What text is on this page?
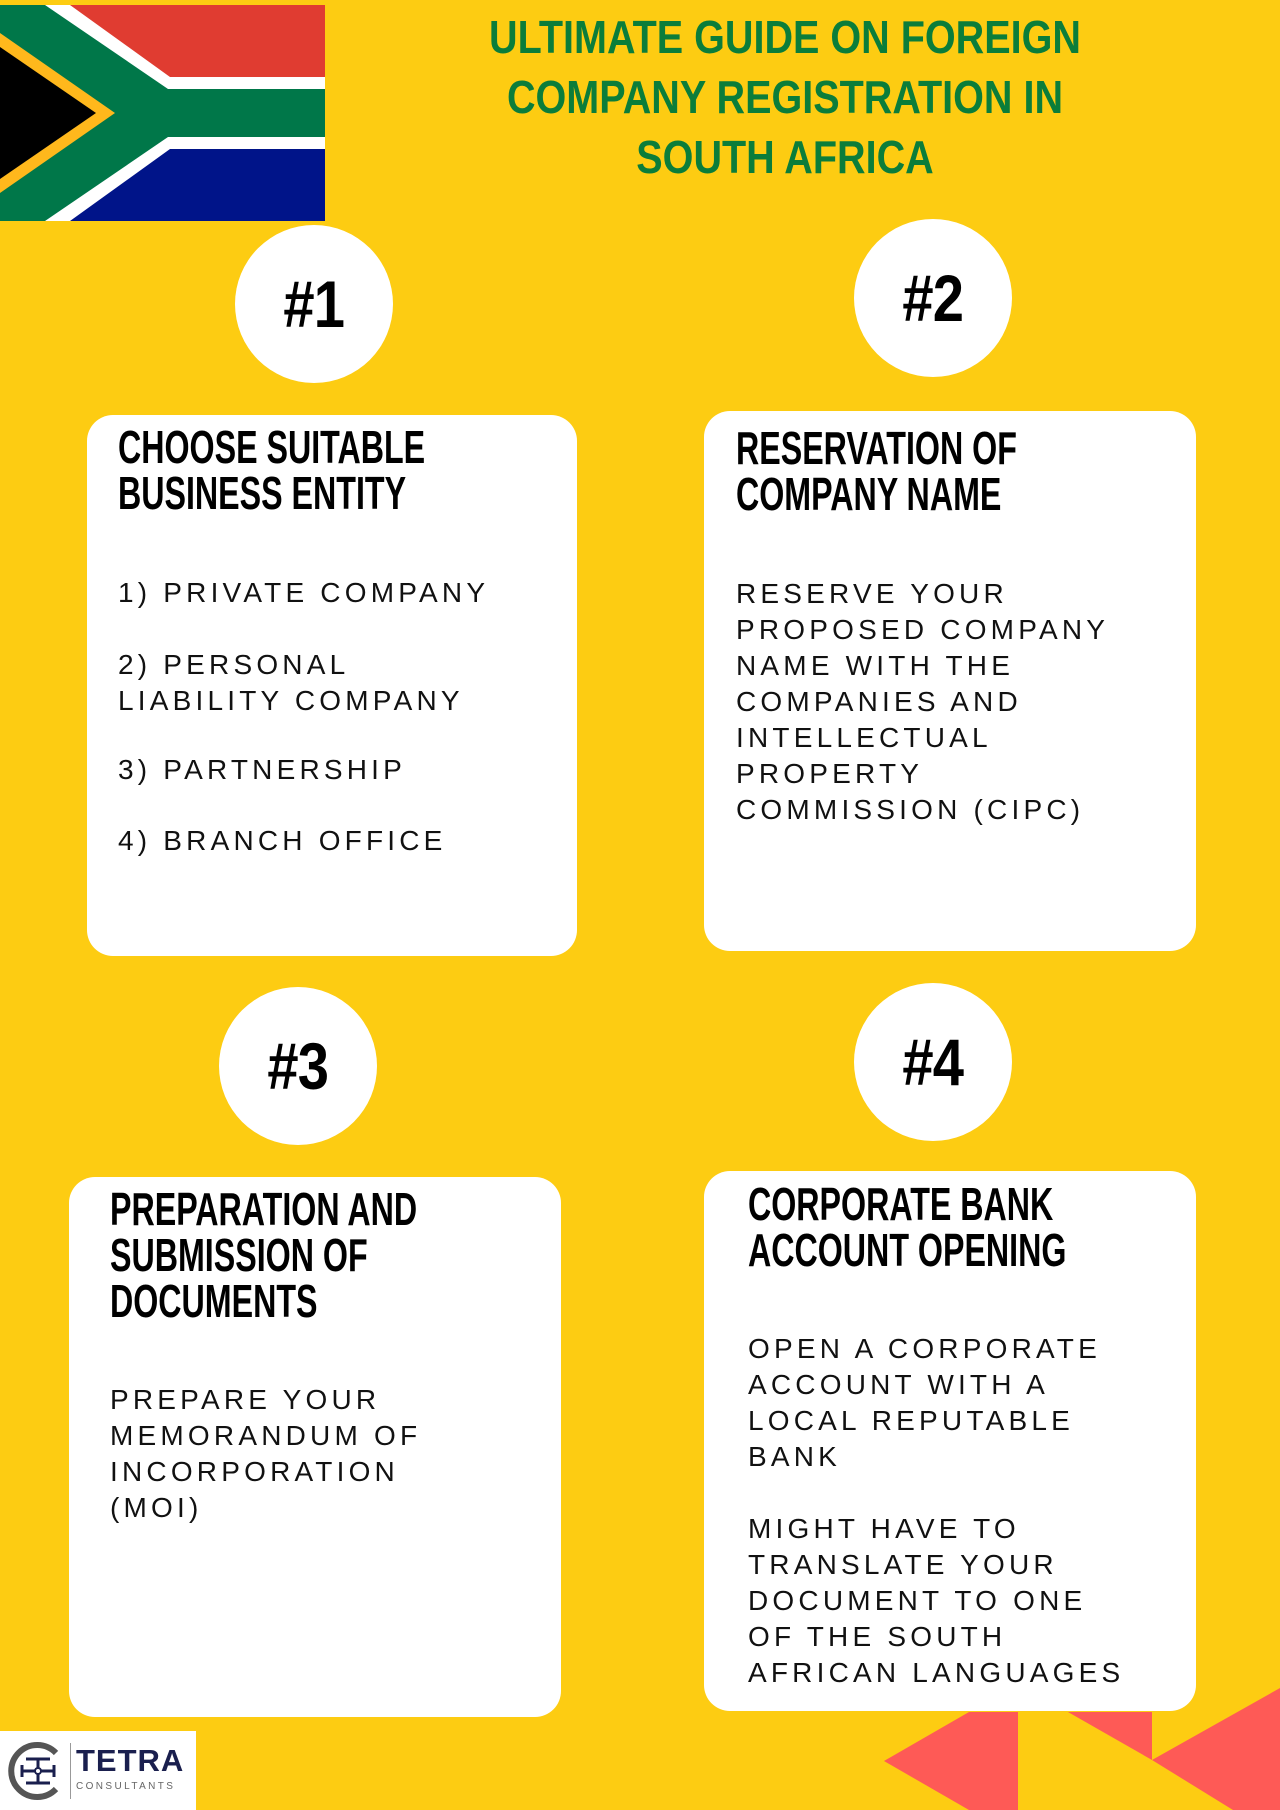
ULTIMATE GUIDE ON FOREIGN
COMPANY REGISTRATION IN
SOUTH AFRICA
#1	#2
#3	#4
CHOOSE SUITABLE
BUSINESS ENTITY
1) PRIVATE COMPANY
2) PERSONAL
LIABILITY COMPANY
3) PARTNERSHIP
4) BRANCH OFFICE
RESERVATION OF
COMPANY NAME
RESERVE YOUR
PROPOSED COMPANY
NAME WITH THE
COMPANIES AND
INTELLECTUAL
PROPERTY
COMMISSION (CIPC)
PREPARATION AND
SUBMISSION OF
DOCUMENTS
PREPARE YOUR
MEMORANDUM OF
INCORPORATION
(MOI)
CORPORATE BANK
ACCOUNT OPENING
OPEN A CORPORATE
ACCOUNT WITH A
LOCAL REPUTABLE
BANK
MIGHT HAVE TO
TRANSLATE YOUR
DOCUMENT TO ONE
OF THE SOUTH
AFRICAN LANGUAGES
TETRA
CONSULTANTS
